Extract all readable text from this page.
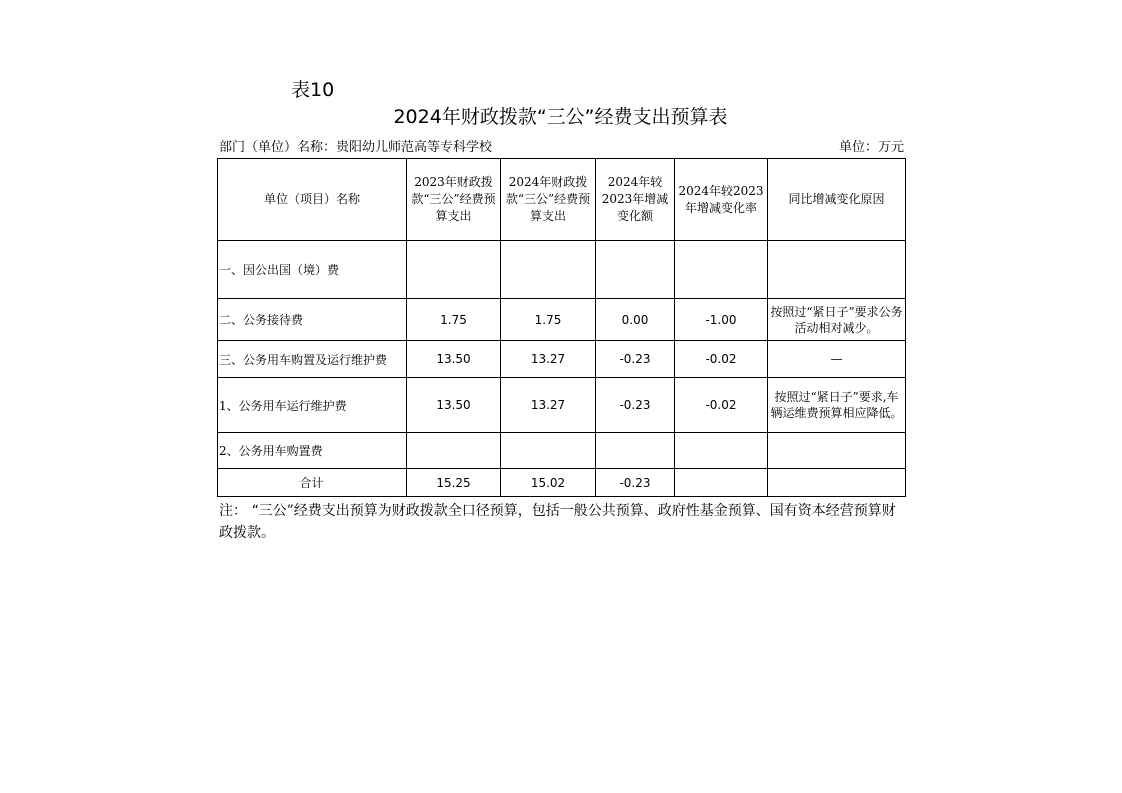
表10
2024年财政拨款“三公”经费支出预算表
部门（单位）名称：贵阳幼儿师范高等专科学校	单位：万元
单位（项目）名称	2023年财政拨款“三公”经费预算支出	2024年财政拨款“三公”经费预算支出	2024年较2023年增减变化额	2024年较2023年增减变化率	同比增减变化原因
一、因公出国（境）费					
二、公务接待费	1.75	1.75	0.00	-1.00	按照过“紧日子”要求公务活动相对减少。
三、公务用车购置及运行维护费	13.50	13.27	-0.23	-0.02	—
1、公务用车运行维护费	13.50	13.27	-0.23	-0.02	按照过“紧日子”要求,车辆运维费预算相应降低。
2、公务用车购置费					
合计	15.25	15.02	-0.23		
注： “三公”经费支出预算为财政拨款全口径预算，包括一般公共预算、政府性基金预算、国有资本经营预算财政拨款。
